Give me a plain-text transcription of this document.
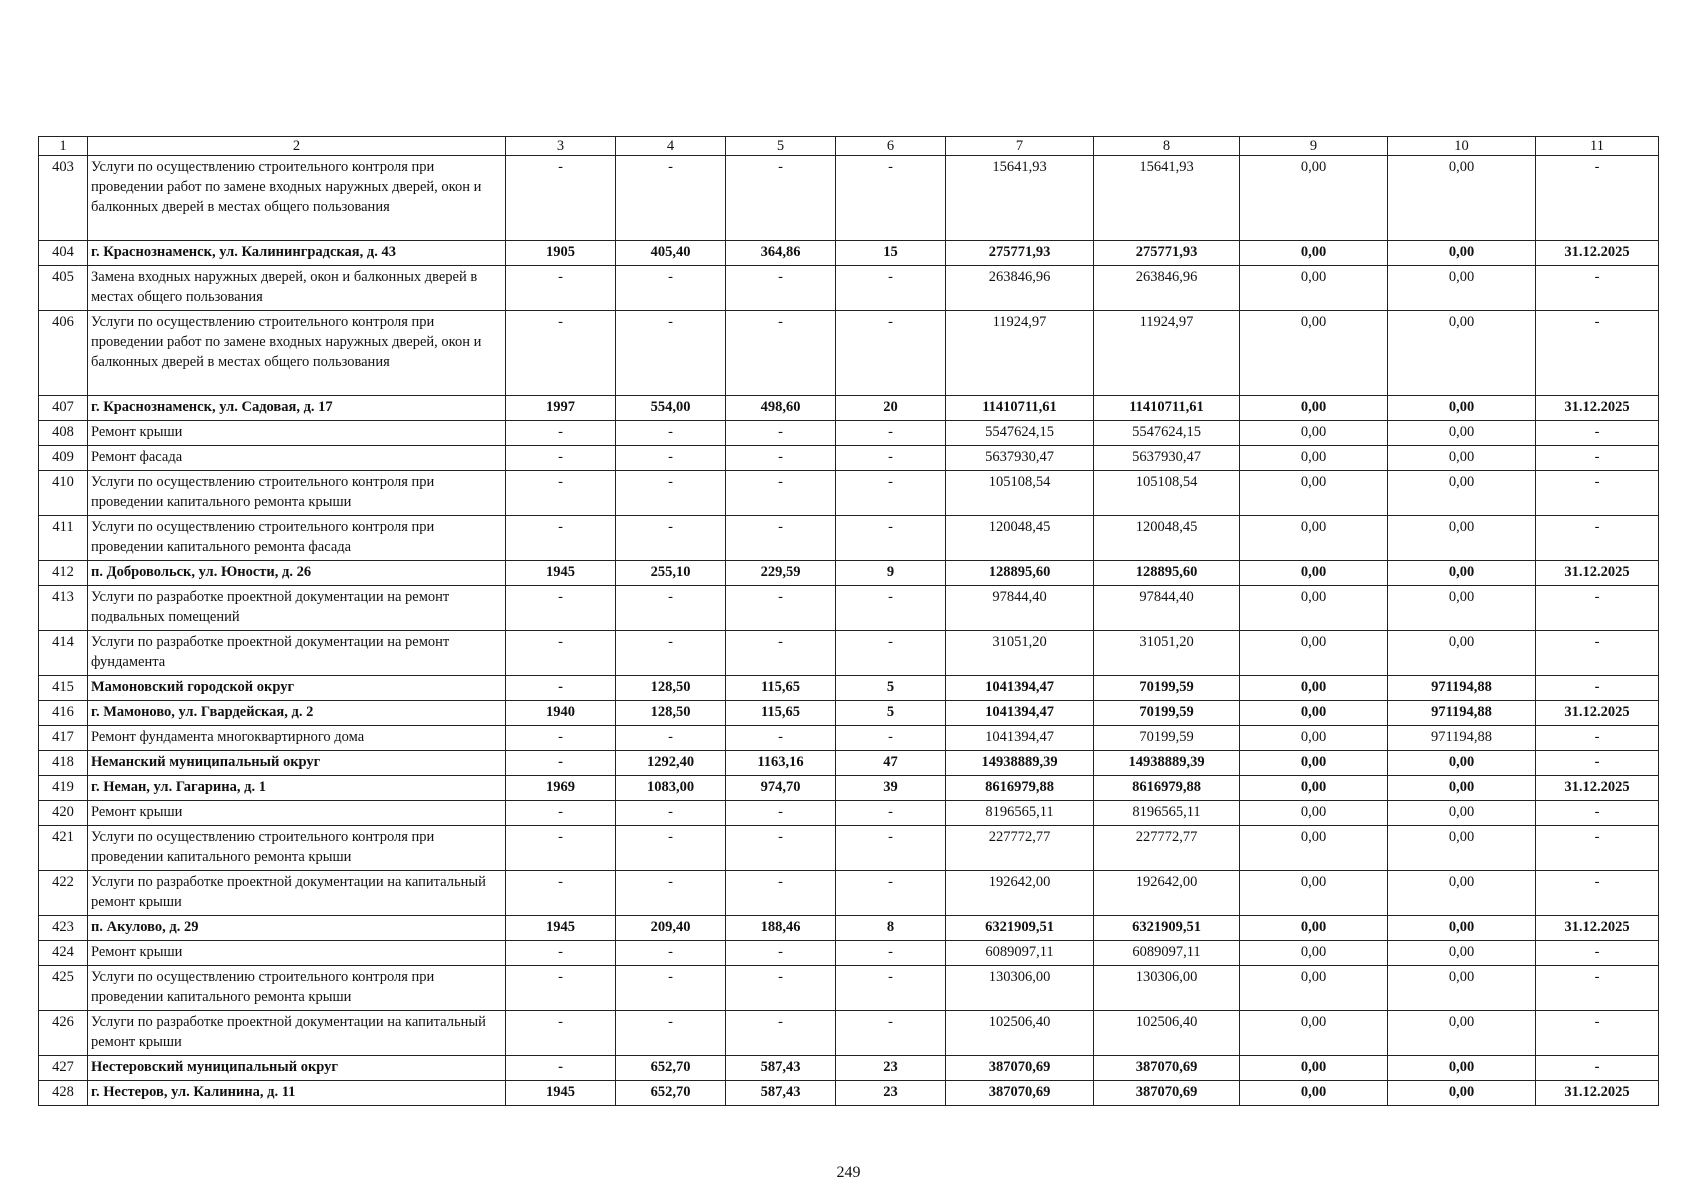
1	2	3	4	5	6	7	8	9	10	11
403	Услуги по осуществлению строительного контроля при проведении работ по замене входных наружных дверей, окон и балконных дверей в местах общего пользования	-	-	-	-	15641,93	15641,93	0,00	0,00	-
404	г. Краснознаменск, ул. Калининградская, д. 43	1905	405,40	364,86	15	275771,93	275771,93	0,00	0,00	31.12.2025
405	Замена входных наружных дверей, окон и балконных дверей в местах общего пользования	-	-	-	-	263846,96	263846,96	0,00	0,00	-
406	Услуги по осуществлению строительного контроля при проведении работ по замене входных наружных дверей, окон и балконных дверей в местах общего пользования	-	-	-	-	11924,97	11924,97	0,00	0,00	-
407	г. Краснознаменск, ул. Садовая, д. 17	1997	554,00	498,60	20	11410711,61	11410711,61	0,00	0,00	31.12.2025
408	Ремонт крыши	-	-	-	-	5547624,15	5547624,15	0,00	0,00	-
409	Ремонт фасада	-	-	-	-	5637930,47	5637930,47	0,00	0,00	-
410	Услуги по осуществлению строительного контроля при проведении капитального ремонта крыши	-	-	-	-	105108,54	105108,54	0,00	0,00	-
411	Услуги по осуществлению строительного контроля при проведении капитального ремонта фасада	-	-	-	-	120048,45	120048,45	0,00	0,00	-
412	п. Добровольск, ул. Юности, д. 26	1945	255,10	229,59	9	128895,60	128895,60	0,00	0,00	31.12.2025
413	Услуги по разработке проектной документации на ремонт подвальных помещений	-	-	-	-	97844,40	97844,40	0,00	0,00	-
414	Услуги по разработке проектной документации на ремонт фундамента	-	-	-	-	31051,20	31051,20	0,00	0,00	-
415	Мамоновский городской округ	-	128,50	115,65	5	1041394,47	70199,59	0,00	971194,88	-
416	г. Мамоново, ул. Гвардейская, д. 2	1940	128,50	115,65	5	1041394,47	70199,59	0,00	971194,88	31.12.2025
417	Ремонт фундамента многоквартирного дома	-	-	-	-	1041394,47	70199,59	0,00	971194,88	-
418	Неманский муниципальный округ	-	1292,40	1163,16	47	14938889,39	14938889,39	0,00	0,00	-
419	г. Неман, ул. Гагарина, д. 1	1969	1083,00	974,70	39	8616979,88	8616979,88	0,00	0,00	31.12.2025
420	Ремонт крыши	-	-	-	-	8196565,11	8196565,11	0,00	0,00	-
421	Услуги по осуществлению строительного контроля при проведении капитального ремонта крыши	-	-	-	-	227772,77	227772,77	0,00	0,00	-
422	Услуги по разработке проектной документации на капитальный ремонт крыши	-	-	-	-	192642,00	192642,00	0,00	0,00	-
423	п. Акулово, д. 29	1945	209,40	188,46	8	6321909,51	6321909,51	0,00	0,00	31.12.2025
424	Ремонт крыши	-	-	-	-	6089097,11	6089097,11	0,00	0,00	-
425	Услуги по осуществлению строительного контроля при проведении капитального ремонта крыши	-	-	-	-	130306,00	130306,00	0,00	0,00	-
426	Услуги по разработке проектной документации на капитальный ремонт крыши	-	-	-	-	102506,40	102506,40	0,00	0,00	-
427	Нестеровский муниципальный округ	-	652,70	587,43	23	387070,69	387070,69	0,00	0,00	-
428	г. Нестеров, ул. Калинина, д. 11	1945	652,70	587,43	23	387070,69	387070,69	0,00	0,00	31.12.2025
249
